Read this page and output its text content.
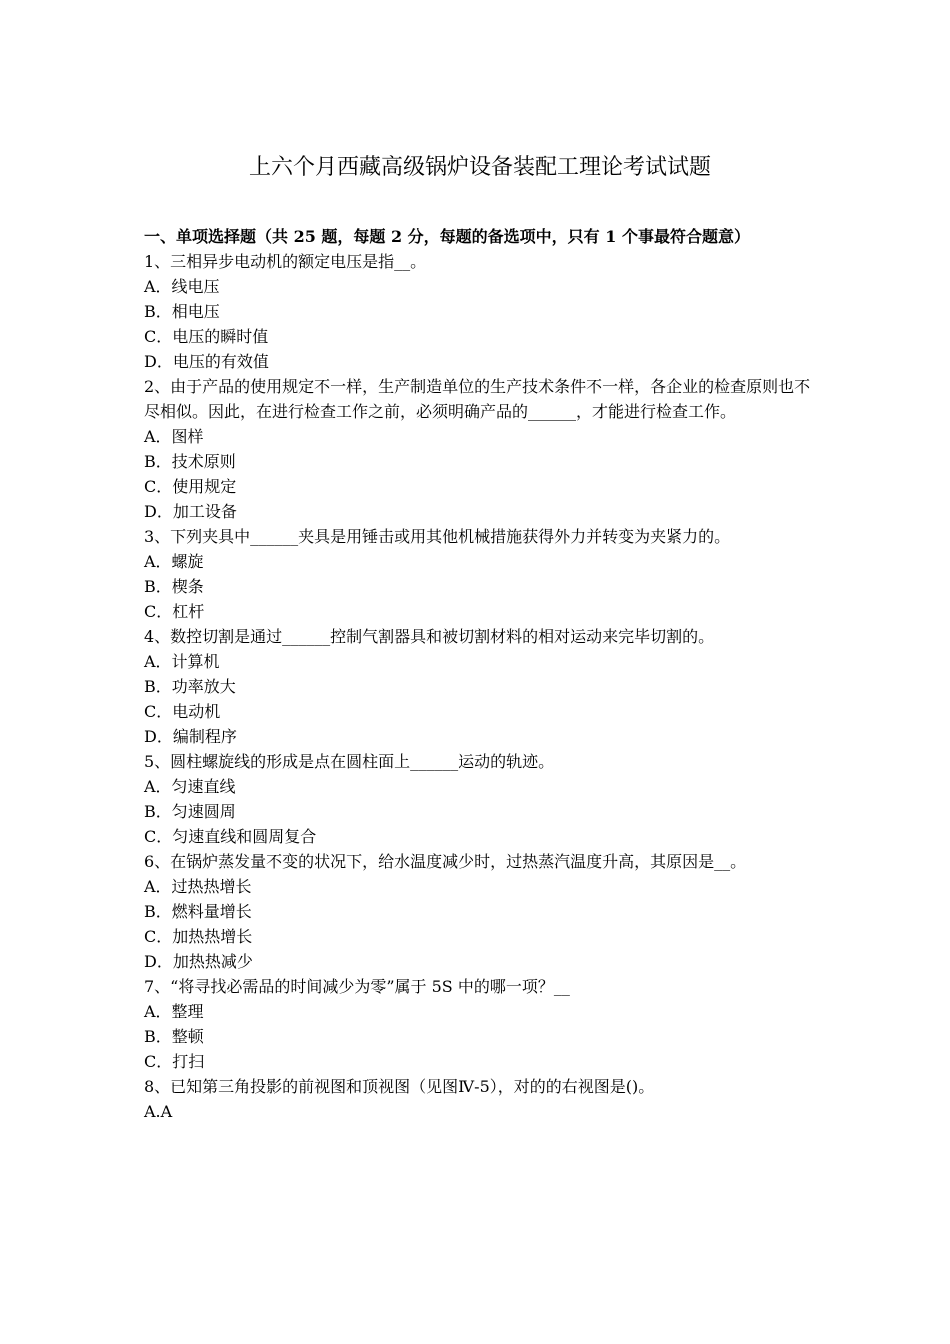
上六个月西藏高级锅炉设备装配工理论考试试题

一、单项选择题（共 25 题，每题 2 分，每题的备选项中，只有 1 个事最符合题意）

1、三相异步电动机的额定电压是指__。

A．线电压

B．相电压

C．电压的瞬时值

D．电压的有效值

2、由于产品的使用规定不一样，生产制造单位的生产技术条件不一样，各企业的检查原则也不尽相似。因此，在进行检查工作之前，必须明确产品的______，才能进行检查工作。

A．图样

B．技术原则

C．使用规定

D．加工设备

3、下列夹具中______夹具是用锤击或用其他机械措施获得外力并转变为夹紧力的。

A．螺旋

B．楔条

C．杠杆

4、数控切割是通过______控制气割器具和被切割材料的相对运动来完毕切割的。

A．计算机

B．功率放大

C．电动机

D．编制程序

5、圆柱螺旋线的形成是点在圆柱面上______运动的轨迹。

A．匀速直线

B．匀速圆周

C．匀速直线和圆周复合

6、在锅炉蒸发量不变的状况下，给水温度减少时，过热蒸汽温度升高，其原因是__。

A．过热热增长

B．燃料量增长

C．加热热增长

D．加热热减少

7、“将寻找必需品的时间减少为零”属于 5S 中的哪一项？__

A．整理

B．整顿

C．打扫

8、已知第三角投影的前视图和顶视图（见图Ⅳ-5），对的的右视图是()。

A.A
